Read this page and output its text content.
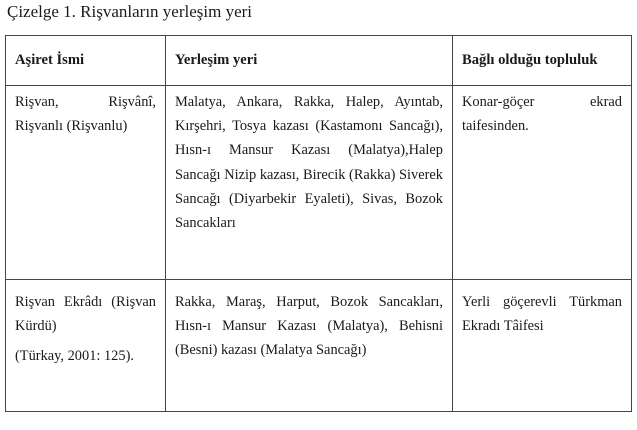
Çizelge 1. Rişvanların yerleşim yeri
Aşiret İsmi	Yerleşim yeri	Bağlı olduğu topluluk
Rişvan, Rişvânî, Rişvanlı (Rişvanlu)	Malatya, Ankara, Rakka, Halep, Ayıntab, Kırşehri, Tosya kazası (Kastamonı Sancağı), Hısn-ı Mansur Kazası (Malatya),Halep Sancağı Nizip kazası, Birecik (Rakka) Siverek Sancağı (Diyarbekir Eyaleti), Sivas, Bozok Sancakları	Konar-göçer ekrad taifesinden.

Rişvan Ekrâdı (Rişvan Kürdü)
(Türkay, 2001: 125).	Rakka, Maraş, Harput, Bozok Sancakları, Hısn-ı Mansur Kazası (Malatya), Behisni (Besni) kazası (Malatya Sancağı)	Yerli göçerevli Türkman Ekradı Tâifesi
